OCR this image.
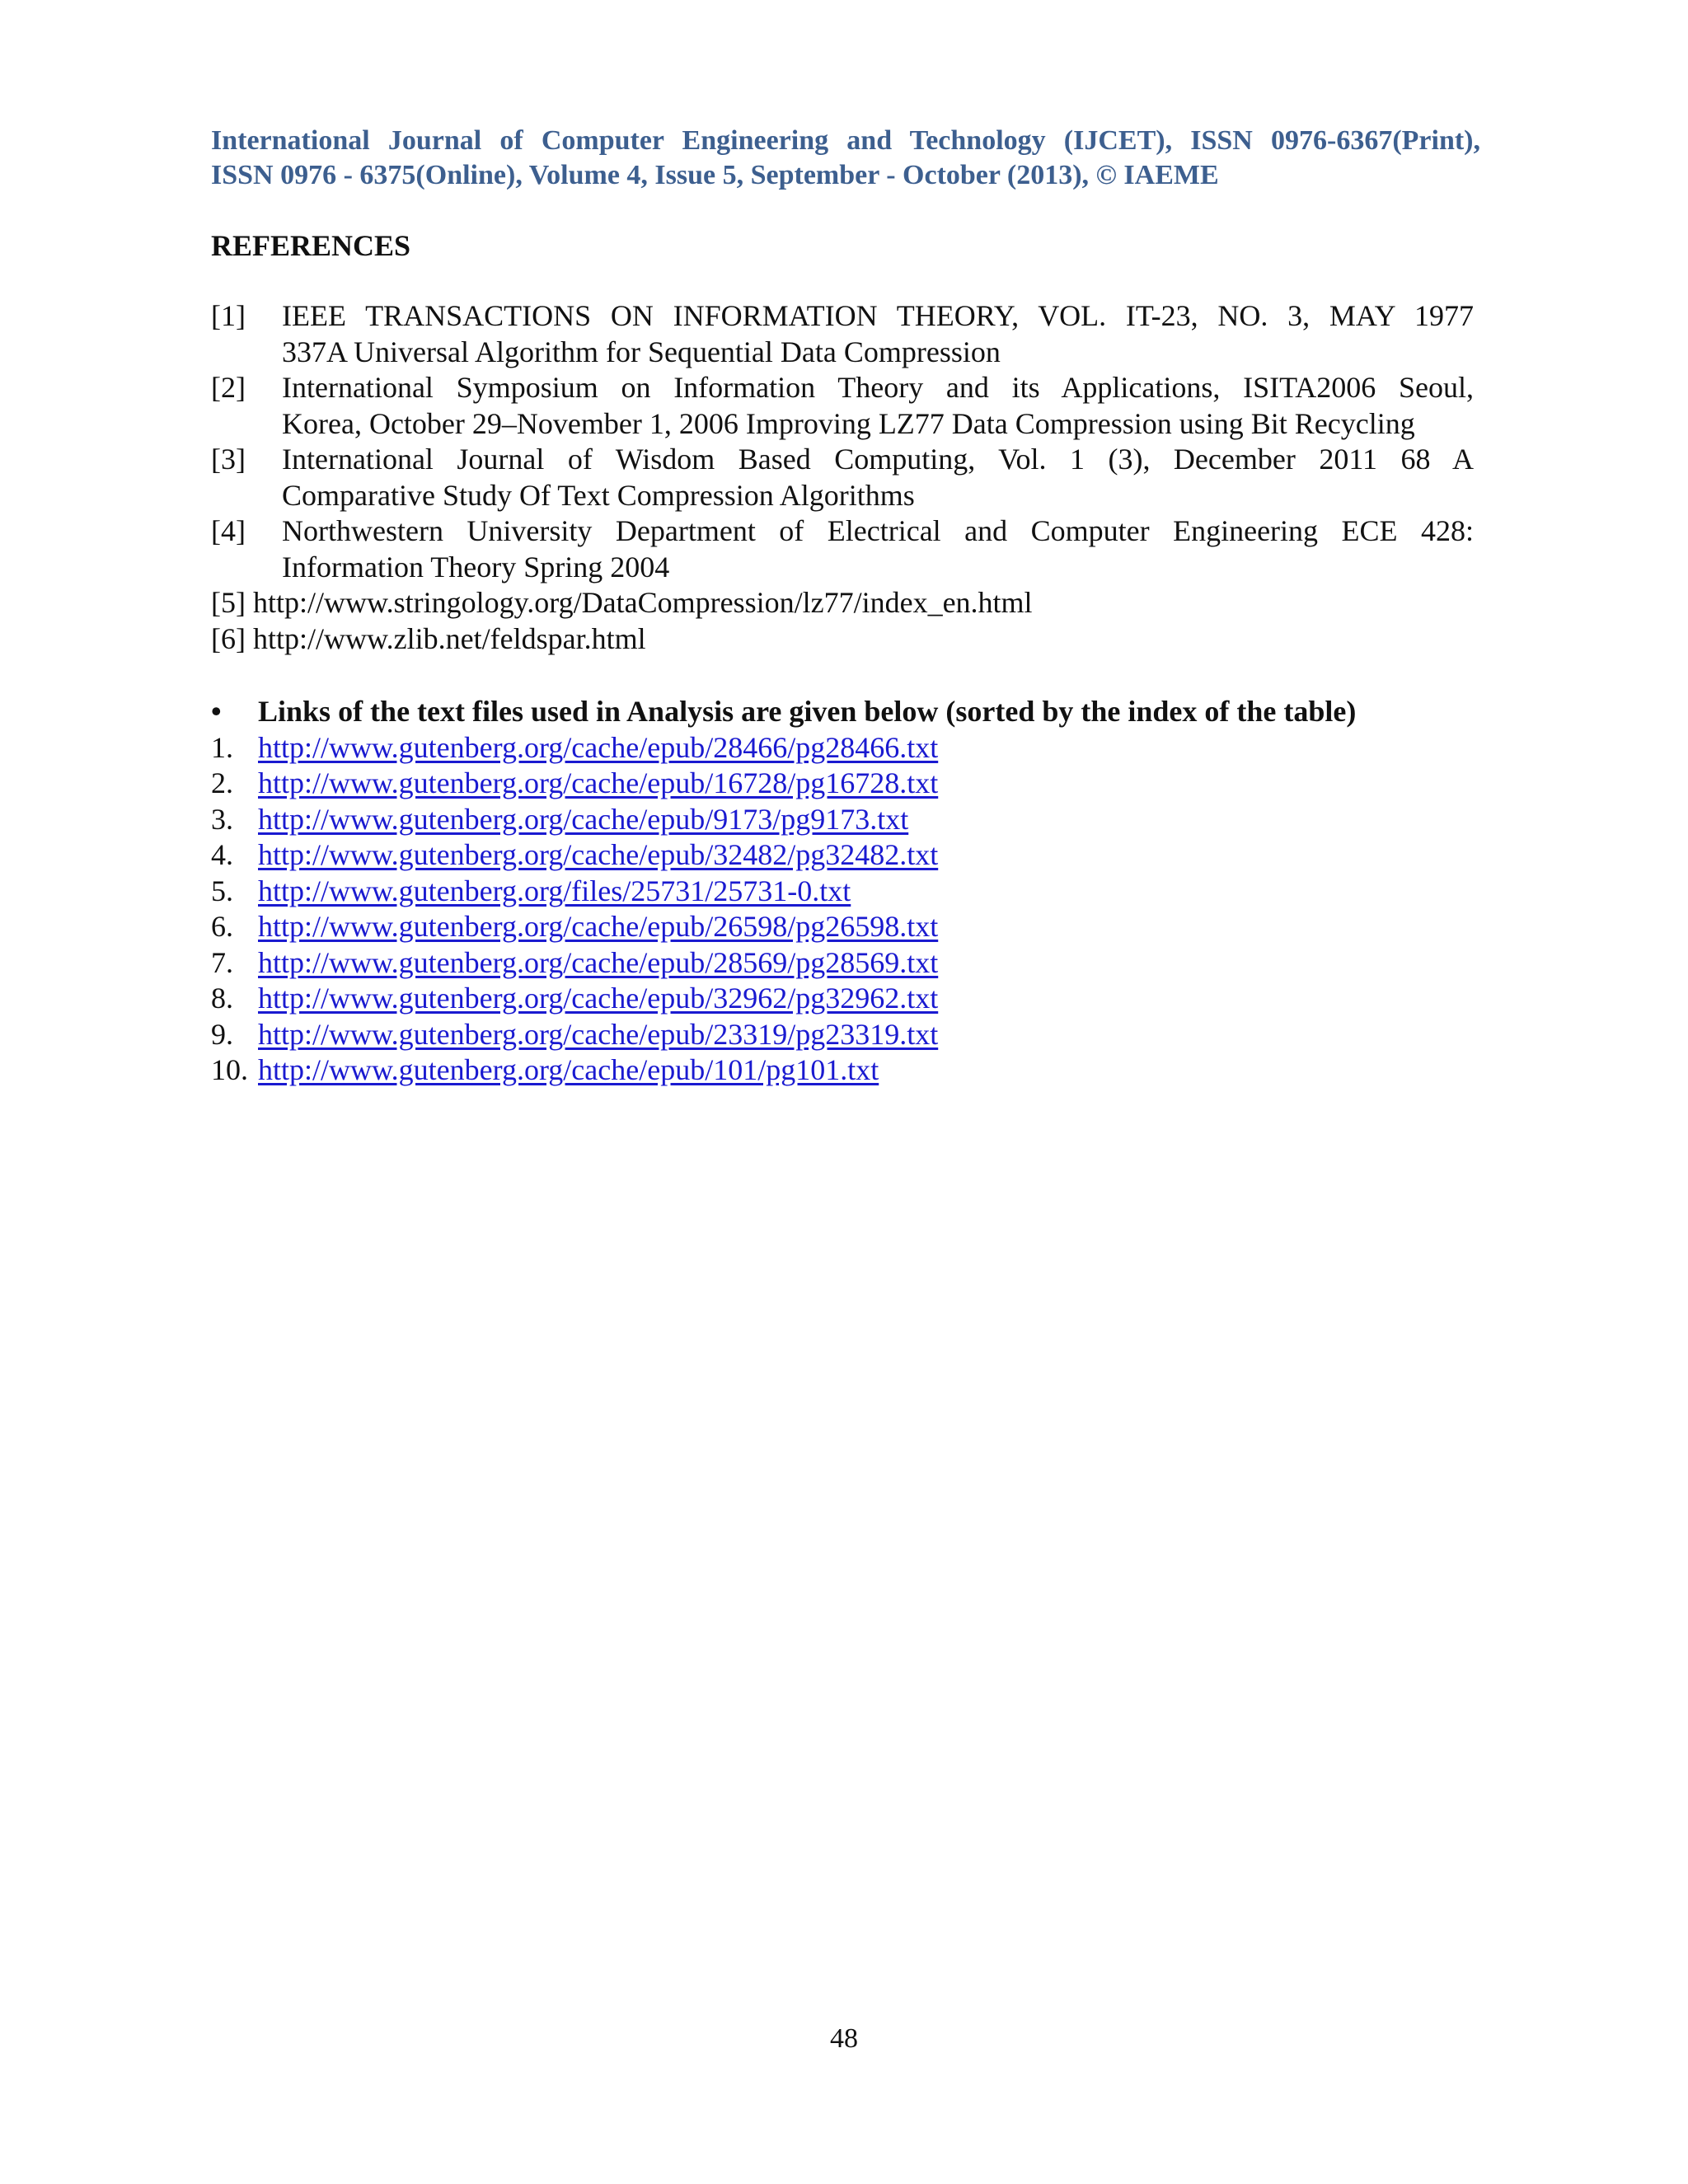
International Journal of Computer Engineering and Technology (IJCET), ISSN 0976-6367(Print),
ISSN 0976 - 6375(Online), Volume 4, Issue 5, September - October (2013), © IAEME
REFERENCES
[1]	IEEE TRANSACTIONS ON INFORMATION THEORY, VOL. IT-23, NO. 3, MAY 1977
337A Universal Algorithm for Sequential Data Compression
[2]	International Symposium on Information Theory and its Applications, ISITA2006 Seoul,
Korea, October 29–November 1, 2006 Improving LZ77 Data Compression using Bit Recycling
[3]	International Journal of Wisdom Based Computing, Vol. 1 (3), December 2011 68 A
Comparative Study Of Text Compression Algorithms
[4]	Northwestern University Department of Electrical and Computer Engineering ECE 428:
Information Theory Spring 2004
[5] http://www.stringology.org/DataCompression/lz77/index_en.html
[6] http://www.zlib.net/feldspar.html
•	Links of the text files used in Analysis are given below (sorted by the index of the table)
1. http://www.gutenberg.org/cache/epub/28466/pg28466.txt
2. http://www.gutenberg.org/cache/epub/16728/pg16728.txt
3. http://www.gutenberg.org/cache/epub/9173/pg9173.txt
4. http://www.gutenberg.org/cache/epub/32482/pg32482.txt
5. http://www.gutenberg.org/files/25731/25731-0.txt
6. http://www.gutenberg.org/cache/epub/26598/pg26598.txt
7. http://www.gutenberg.org/cache/epub/28569/pg28569.txt
8. http://www.gutenberg.org/cache/epub/32962/pg32962.txt
9. http://www.gutenberg.org/cache/epub/23319/pg23319.txt
10. http://www.gutenberg.org/cache/epub/101/pg101.txt
48
